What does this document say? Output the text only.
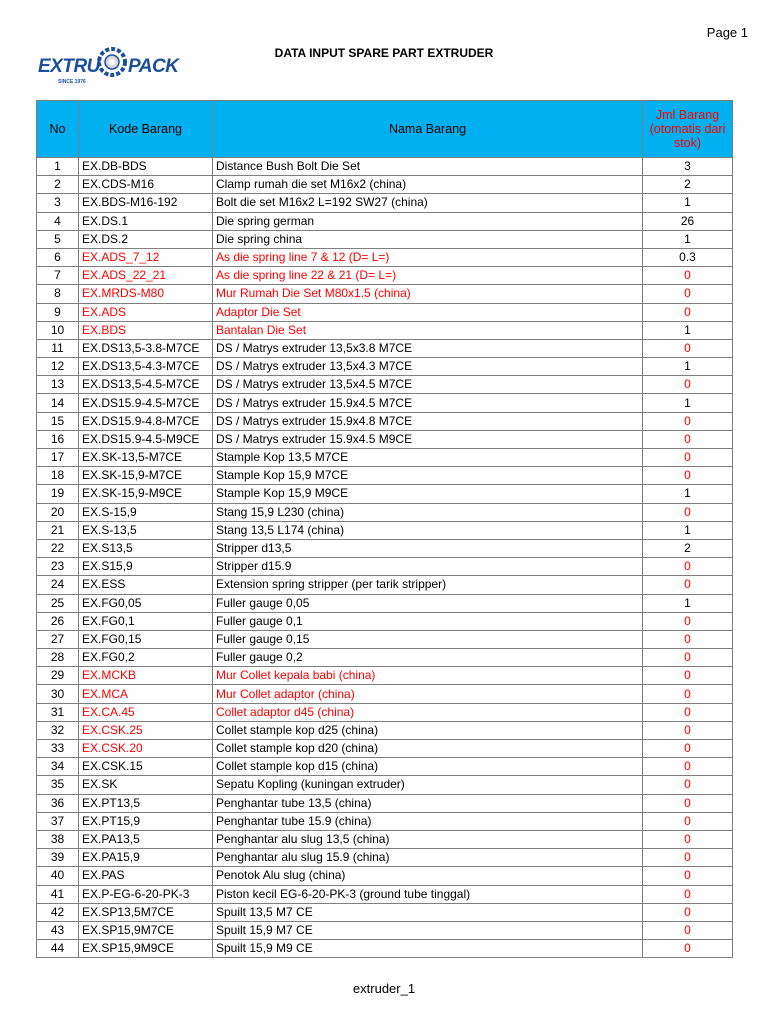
Page 1
EXTRU PACK
SINCE 1976
DATA INPUT SPARE PART EXTRUDER
No	Kode Barang	Nama Barang	Jml Barang (otomatis dari stok)
1	EX.DB-BDS	Distance Bush Bolt Die Set	3
2	EX.CDS-M16	Clamp rumah die set M16x2 (china)	2
3	EX.BDS-M16-192	Bolt die set M16x2 L=192 SW27 (china)	1
4	EX.DS.1	Die spring german	26
5	EX.DS.2	Die spring china	1
6	EX.ADS_7_12	As die spring line 7 & 12 (D= L=)	0.3
7	EX.ADS_22_21	As die spring line 22 & 21 (D= L=)	0
8	EX.MRDS-M80	Mur Rumah Die Set M80x1.5 (china)	0
9	EX.ADS	Adaptor Die Set	0
10	EX.BDS	Bantalan Die Set	1
11	EX.DS13,5-3.8-M7CE	DS / Matrys extruder 13,5x3.8 M7CE	0
12	EX.DS13,5-4.3-M7CE	DS / Matrys extruder 13,5x4.3 M7CE	1
13	EX.DS13,5-4.5-M7CE	DS / Matrys extruder 13,5x4.5 M7CE	0
14	EX.DS15.9-4.5-M7CE	DS / Matrys extruder 15.9x4.5 M7CE	1
15	EX.DS15.9-4.8-M7CE	DS / Matrys extruder 15.9x4.8 M7CE	0
16	EX.DS15.9-4.5-M9CE	DS / Matrys extruder 15.9x4.5 M9CE	0
17	EX.SK-13,5-M7CE	Stample Kop 13,5 M7CE	0
18	EX.SK-15,9-M7CE	Stample Kop 15,9 M7CE	0
19	EX.SK-15,9-M9CE	Stample Kop 15,9 M9CE	1
20	EX.S-15,9	Stang 15,9 L230 (china)	0
21	EX.S-13,5	Stang 13,5 L174 (china)	1
22	EX.S13,5	Stripper d13,5	2
23	EX.S15,9	Stripper d15.9	0
24	EX.ESS	Extension spring stripper (per tarik stripper)	0
25	EX.FG0,05	Fuller gauge 0,05	1
26	EX.FG0,1	Fuller gauge 0,1	0
27	EX.FG0,15	Fuller gauge 0,15	0
28	EX.FG0,2	Fuller gauge 0,2	0
29	EX.MCKB	Mur Collet kepala babi (china)	0
30	EX.MCA	Mur Collet adaptor (china)	0
31	EX.CA.45	Collet adaptor d45 (china)	0
32	EX.CSK.25	Collet stample kop d25 (china)	0
33	EX.CSK.20	Collet stample kop d20 (china)	0
34	EX.CSK.15	Collet stample kop d15 (china)	0
35	EX.SK	Sepatu Kopling (kuningan extruder)	0
36	EX.PT13,5	Penghantar tube 13,5 (china)	0
37	EX.PT15,9	Penghantar tube 15.9 (china)	0
38	EX.PA13,5	Penghantar alu slug 13,5 (china)	0
39	EX.PA15,9	Penghantar alu slug 15.9 (china)	0
40	EX.PAS	Penotok Alu slug (china)	0
41	EX.P-EG-6-20-PK-3	Piston kecil EG-6-20-PK-3 (ground tube tinggal)	0
42	EX.SP13,5M7CE	Spuilt 13,5 M7 CE	0
43	EX.SP15,9M7CE	Spuilt 15,9 M7 CE	0
44	EX.SP15,9M9CE	Spuilt 15,9 M9 CE	0
extruder_1
